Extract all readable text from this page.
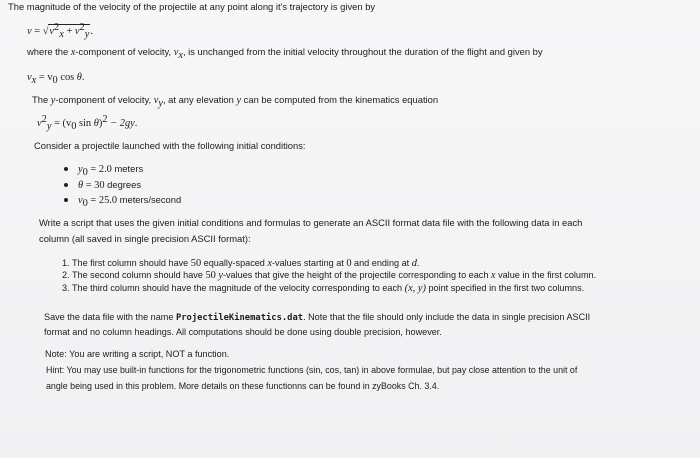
The magnitude of the velocity of the projectile at any point along it's trajectory is given by
$v = √v^2_x + v^2_y$.
where the x-component of velocity, $v_x$, is unchanged from the initial velocity throughout the duration of the flight and given by
$v_x = v_0$ cos θ.
The y-component of velocity, $v_y$, at any elevation y can be computed from the kinematics equation
$v^2_y = (v_0$ sin θ)$^2$ − 2gy.
Consider a projectile launched with the following initial conditions:
$y_0 = 2.0$ meters
θ = 30 degrees
$v_0 = 25.0$ meters/second
Write a script that uses the given initial conditions and formulas to generate an ASCII format data file with the following data in each
column (all saved in single precision ASCII format):
1. The first column should have 50 equally-spaced x-values starting at 0 and ending at d.
2. The second column should have 50 y-values that give the height of the projectile corresponding to each x value in the first column.
3. The third column should have the magnitude of the velocity corresponding to each (x, y) point specified in the first two columns.
Save the data file with the name ProjectileKinematics.dat. Note that the file should only include the data in single precision ASCII
format and no column headings. All computations should be done using double precision, however.
Note: You are writing a script, NOT a function.
Hint: You may use built-in functions for the trigonometric functions (sin, cos, tan) in above formulae, but pay close attention to the unit of
angle being used in this problem. More details on these functionns can be found in zyBooks Ch. 3.4.
